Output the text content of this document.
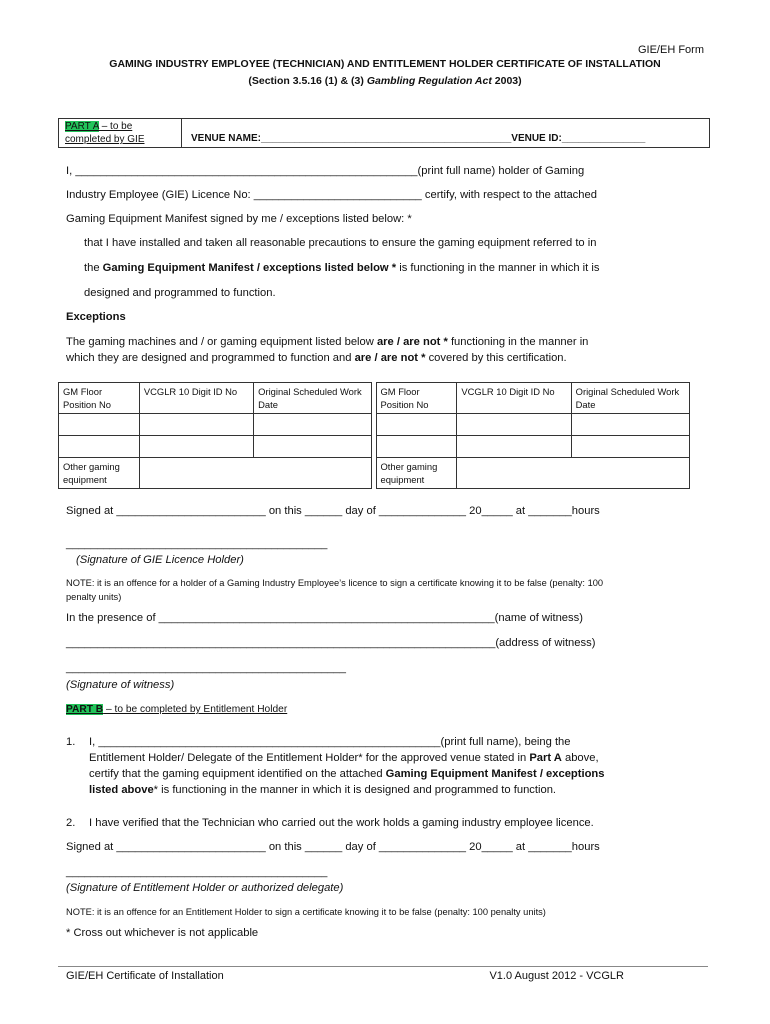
GIE/EH Form
GAMING INDUSTRY EMPLOYEE (TECHNICIAN) AND ENTITLEMENT HOLDER CERTIFICATE OF INSTALLATION
(Section 3.5.16 (1) & (3) Gambling Regulation Act 2003)
PART A – to be
completed by GIE	VENUE NAME:_____________________________________________VENUE ID:_______________
I, _______________________________________________________(print full name) holder of Gaming
Industry Employee (GIE) Licence No: ___________________________ certify, with respect to the attached
Gaming Equipment Manifest signed by me / exceptions listed below: *
that I have installed and taken all reasonable precautions to ensure the gaming equipment referred to in
the Gaming Equipment Manifest / exceptions listed below * is functioning in the manner in which it is
designed and programmed to function.
Exceptions
The gaming machines and / or gaming equipment listed below are / are not * functioning in the manner in
which they are designed and programmed to function and are / are not * covered by this certification.
GM Floor Position No	VCGLR 10 Digit ID No	Original Scheduled Work Date		GM Floor Position No	VCGLR 10 Digit ID No	Original Scheduled Work Date

Other gaming equipment				Other gaming equipment		
Signed at ________________________ on this ______ day of ______________ 20_____ at _______hours
__________________________________________
(Signature of GIE Licence Holder)
NOTE: it is an offence for a holder of a Gaming Industry Employee’s licence to sign a certificate knowing it to be false (penalty: 100
penalty units)
In the presence of ______________________________________________________(name of witness)
_____________________________________________________________________(address of witness)
_____________________________________________
(Signature of witness)
PART B – to be completed by Entitlement Holder
1. I, _______________________________________________________(print full name), being the
Entitlement Holder/ Delegate of the Entitlement Holder* for the approved venue stated in Part A above,
certify that the gaming equipment identified on the attached Gaming Equipment Manifest / exceptions
listed above* is functioning in the manner in which it is designed and programmed to function.
2. I have verified that the Technician who carried out the work holds a gaming industry employee licence.
Signed at ________________________ on this ______ day of ______________ 20_____ at _______hours
__________________________________________
(Signature of Entitlement Holder or authorized delegate)
NOTE: it is an offence for an Entitlement Holder to sign a certificate knowing it to be false (penalty: 100 penalty units)
* Cross out whichever is not applicable
GIE/EH Certificate of Installation	V1.0 August 2012 - VCGLR
